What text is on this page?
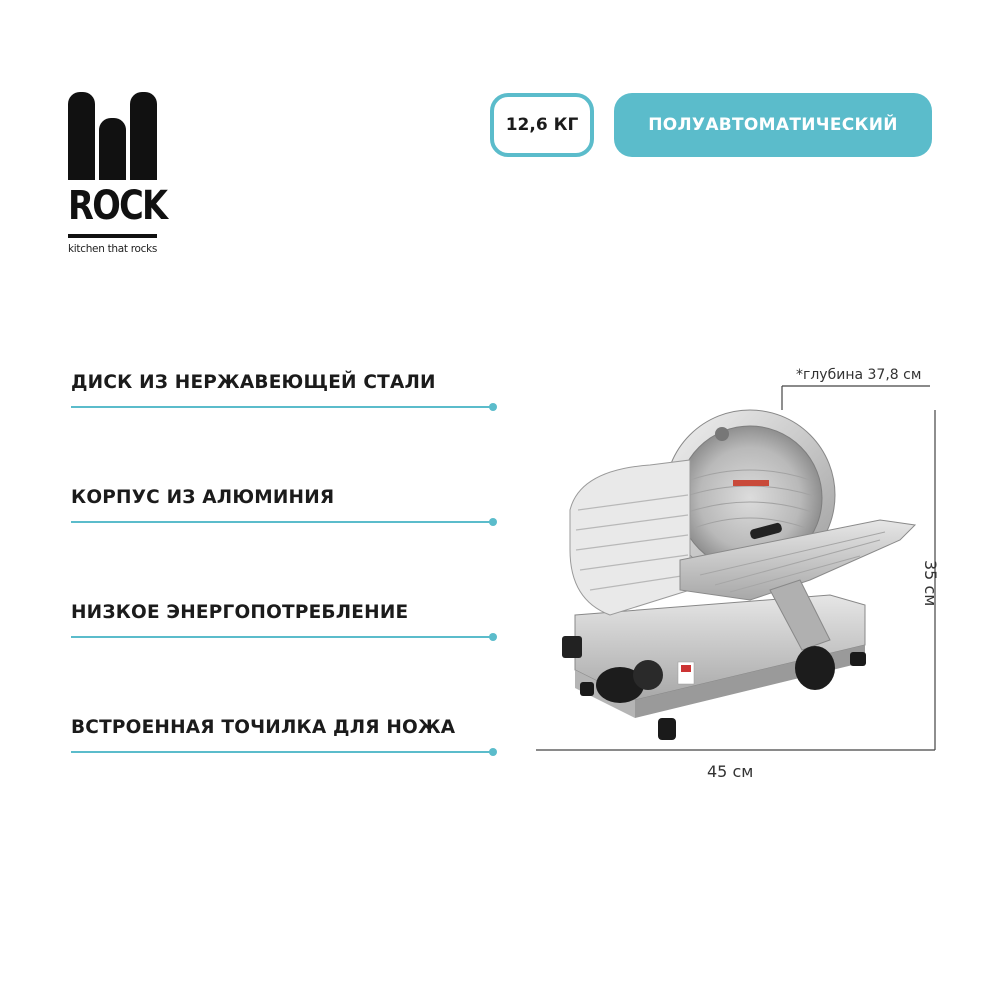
ROCK
kitchen that rocks
12,6 КГ	ПОЛУАВТОМАТИЧЕСКИЙ
ДИСК ИЗ НЕРЖАВЕЮЩЕЙ СТАЛИ
КОРПУС ИЗ АЛЮМИНИЯ
НИЗКОЕ ЭНЕРГОПОТРЕБЛЕНИЕ
ВСТРОЕННАЯ ТОЧИЛКА ДЛЯ НОЖА
*глубина 37,8 см
45 см
35 см
